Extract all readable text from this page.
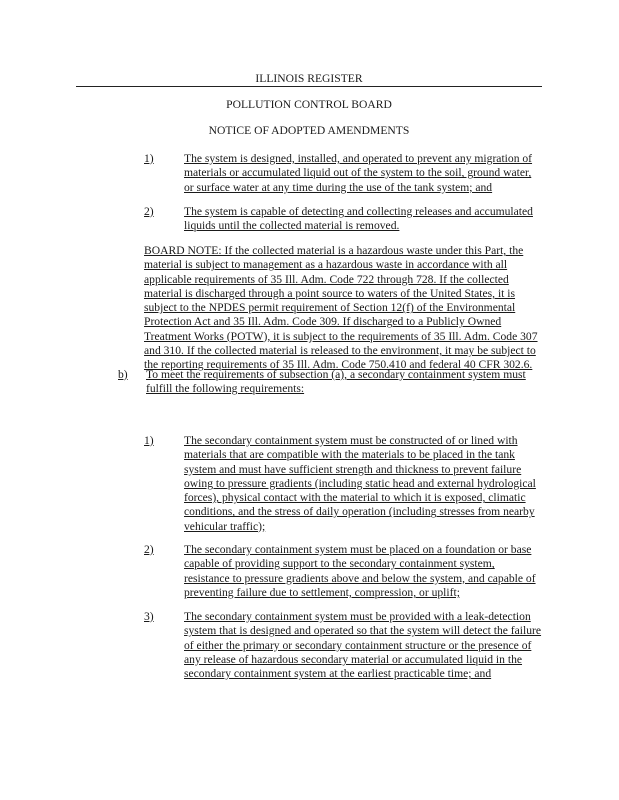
ILLINOIS REGISTER
POLLUTION CONTROL BOARD
NOTICE OF ADOPTED AMENDMENTS
1)	The system is designed, installed, and operated to prevent any migration of materials or accumulated liquid out of the system to the soil, ground water, or surface water at any time during the use of the tank system; and
2)	The system is capable of detecting and collecting releases and accumulated liquids until the collected material is removed.
BOARD NOTE: If the collected material is a hazardous waste under this Part, the material is subject to management as a hazardous waste in accordance with all applicable requirements of 35 Ill. Adm. Code 722 through 728. If the collected material is discharged through a point source to waters of the United States, it is subject to the NPDES permit requirement of Section 12(f) of the Environmental Protection Act and 35 Ill. Adm. Code 309. If discharged to a Publicly Owned Treatment Works (POTW), it is subject to the requirements of 35 Ill. Adm. Code 307 and 310. If the collected material is released to the environment, it may be subject to the reporting requirements of 35 Ill. Adm. Code 750.410 and federal 40 CFR 302.6.
b) To meet the requirements of subsection (a), a secondary containment system must fulfill the following requirements:
1)	The secondary containment system must be constructed of or lined with materials that are compatible with the materials to be placed in the tank system and must have sufficient strength and thickness to prevent failure owing to pressure gradients (including static head and external hydrological forces), physical contact with the material to which it is exposed, climatic conditions, and the stress of daily operation (including stresses from nearby vehicular traffic);
2)	The secondary containment system must be placed on a foundation or base capable of providing support to the secondary containment system, resistance to pressure gradients above and below the system, and capable of preventing failure due to settlement, compression, or uplift;
3)	The secondary containment system must be provided with a leak-detection system that is designed and operated so that the system will detect the failure of either the primary or secondary containment structure or the presence of any release of hazardous secondary material or accumulated liquid in the secondary containment system at the earliest practicable time; and
